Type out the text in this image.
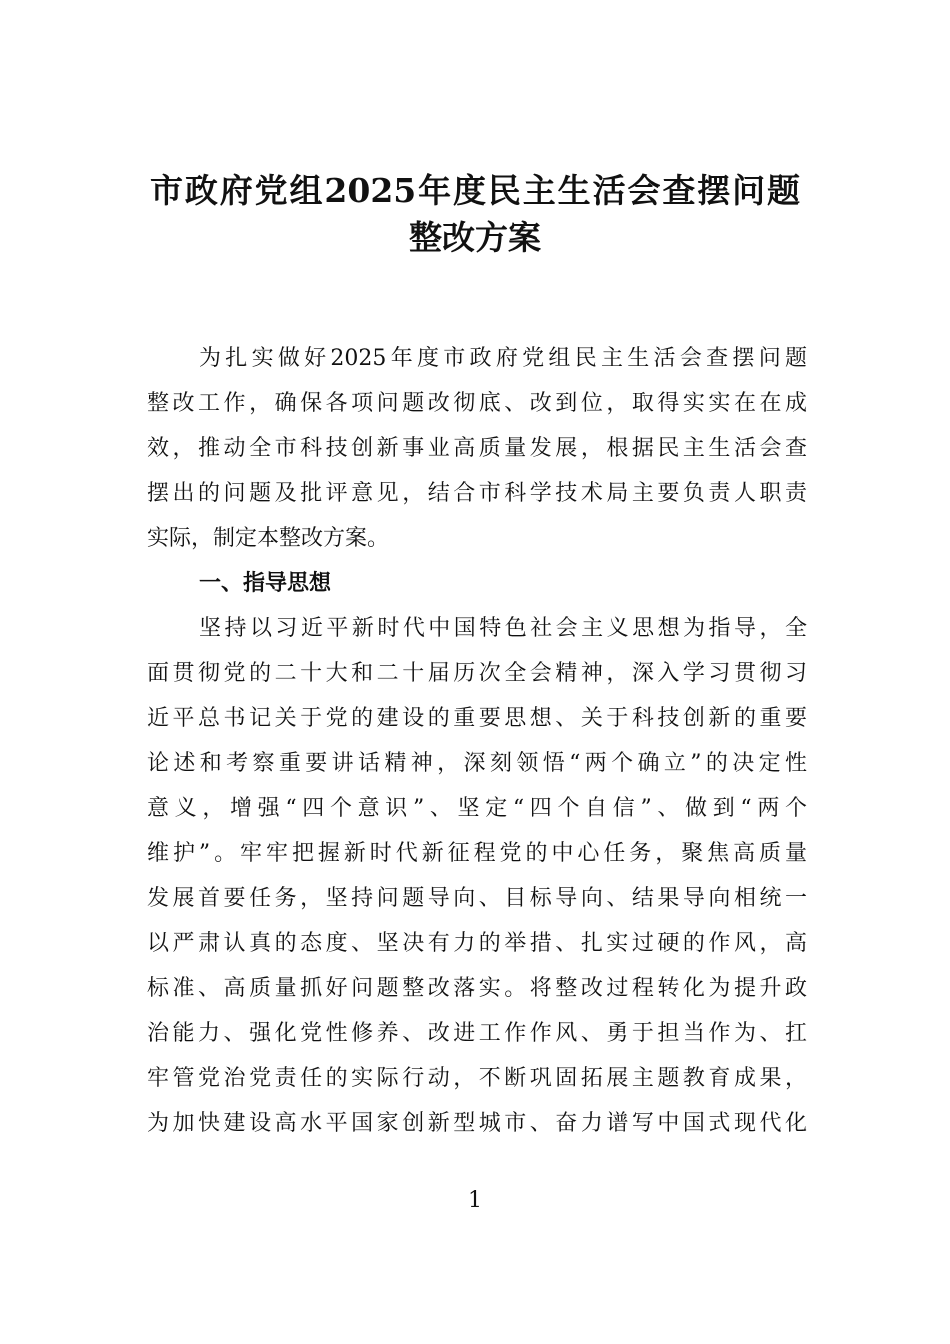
市政府党组2025年度民主生活会查摆问题
整改方案
为扎实做好2025年度市政府党组民主生活会查摆问题
整改工作，确保各项问题改彻底、改到位，取得实实在在成
效，推动全市科技创新事业高质量发展，根据民主生活会查
摆出的问题及批评意见，结合市科学技术局主要负责人职责
实际，制定本整改方案。
一、指导思想
坚持以习近平新时代中国特色社会主义思想为指导，全
面贯彻党的二十大和二十届历次全会精神，深入学习贯彻习
近平总书记关于党的建设的重要思想、关于科技创新的重要
论述和考察重要讲话精神，深刻领悟“两个确立”的决定性
意义，增强“四个意识”、坚定“四个自信”、做到“两个
维护”。牢牢把握新时代新征程党的中心任务，聚焦高质量
发展首要任务，坚持问题导向、目标导向、结果导向相统一
以严肃认真的态度、坚决有力的举措、扎实过硬的作风，高
标准、高质量抓好问题整改落实。将整改过程转化为提升政
治能力、强化党性修养、改进工作作风、勇于担当作为、扛
牢管党治党责任的实际行动，不断巩固拓展主题教育成果，
为加快建设高水平国家创新型城市、奋力谱写中国式现代化
1
